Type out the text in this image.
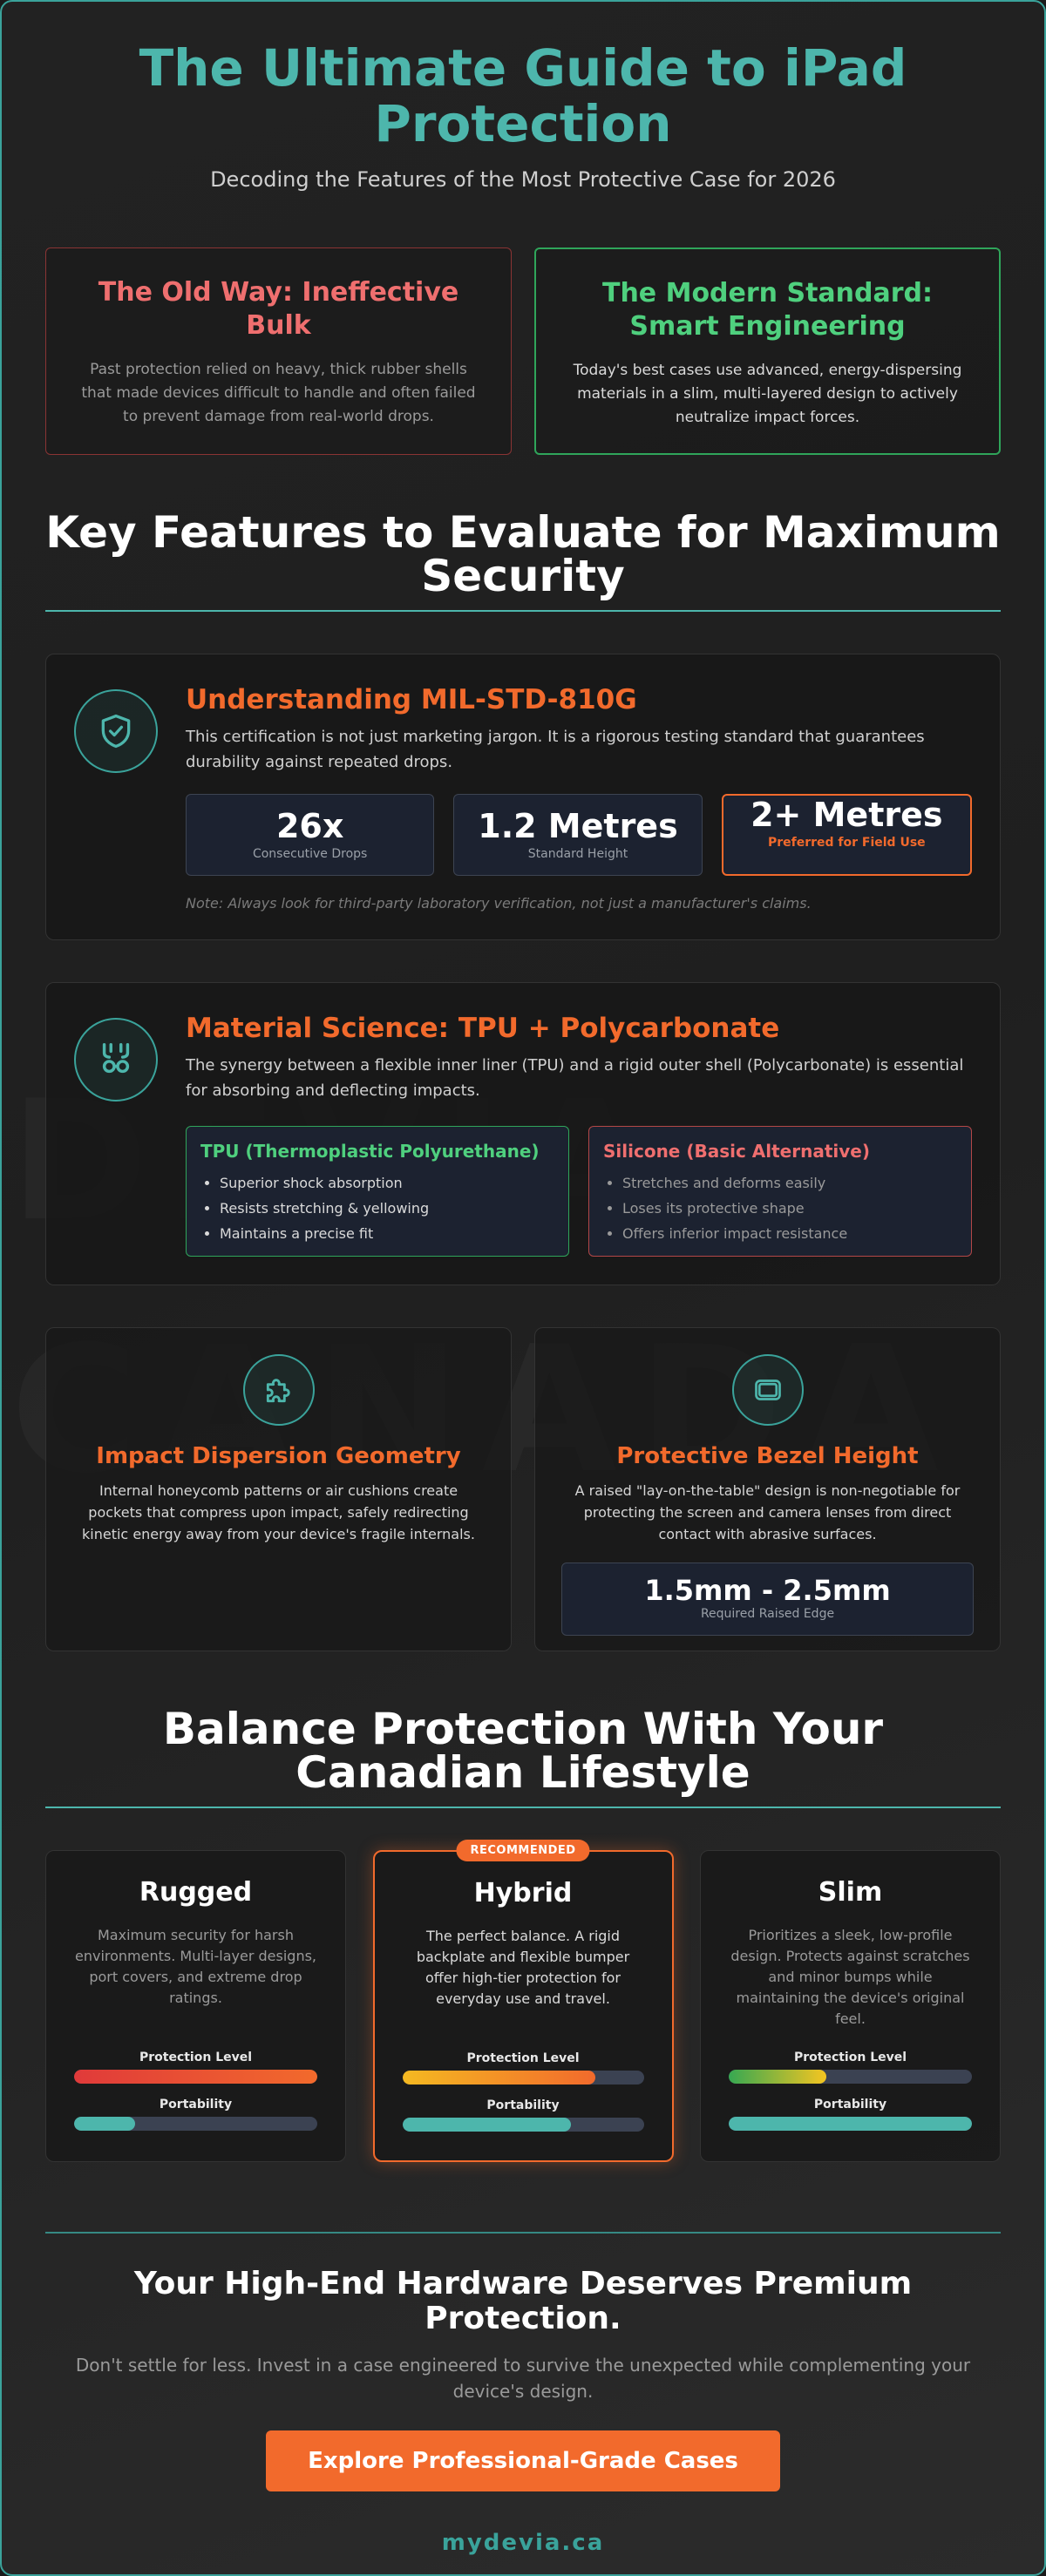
The Ultimate Guide to iPad Protection
Decoding the Features of the Most Protective Case for 2026
The Old Way: Ineffective Bulk

Past protection relied on heavy, thick rubber shells that made devices difficult to handle and often failed to prevent damage from real-world drops.

The Modern Standard: Smart Engineering

Today's best cases use advanced, energy-dispersing materials in a slim, multi-layered design to actively neutralize impact forces.

Key Features to Evaluate for Maximum Security
Understanding MIL-STD-810G

This certification is not just marketing jargon. It is a rigorous testing standard that guarantees durability against repeated drops.

26x
Consecutive Drops
1.2 Metres
Standard Height
2+ Metres
Preferred for Field Use

Note: Always look for third-party laboratory verification, not just a manufacturer's claims.

Material Science: TPU + Polycarbonate

The synergy between a flexible inner liner (TPU) and a rigid outer shell (Polycarbonate) is essential for absorbing and deflecting impacts.

TPU (Thermoplastic Polyurethane)
• Superior shock absorption
• Resists stretching & yellowing
• Maintains a precise fit
Silicone (Basic Alternative)
• Stretches and deforms easily
• Loses its protective shape
• Offers inferior impact resistance
Impact Dispersion Geometry

Internal honeycomb patterns or air cushions create pockets that compress upon impact, safely redirecting kinetic energy away from your device's fragile internals.

Protective Bezel Height

A raised "lay-on-the-table" design is non-negotiable for protecting the screen and camera lenses from direct contact with abrasive surfaces.

1.5mm - 2.5mm
Required Raised Edge
Balance Protection With Your Canadian Lifestyle
Rugged

Maximum security for harsh environments. Multi-layer designs, port covers, and extreme drop ratings.

Protection Level
Portability
RECOMMENDED
Hybrid

The perfect balance. A rigid backplate and flexible bumper offer high-tier protection for everyday use and travel.

Protection Level
Portability
Slim

Prioritizes a sleek, low-profile design. Protects against scratches and minor bumps while maintaining the device's original feel.

Protection Level
Portability
Your High-End Hardware Deserves Premium Protection.

Don't settle for less. Invest in a case engineered to survive the unexpected while complementing your device's design.

Explore Professional-Grade Cases
mydevia.ca
